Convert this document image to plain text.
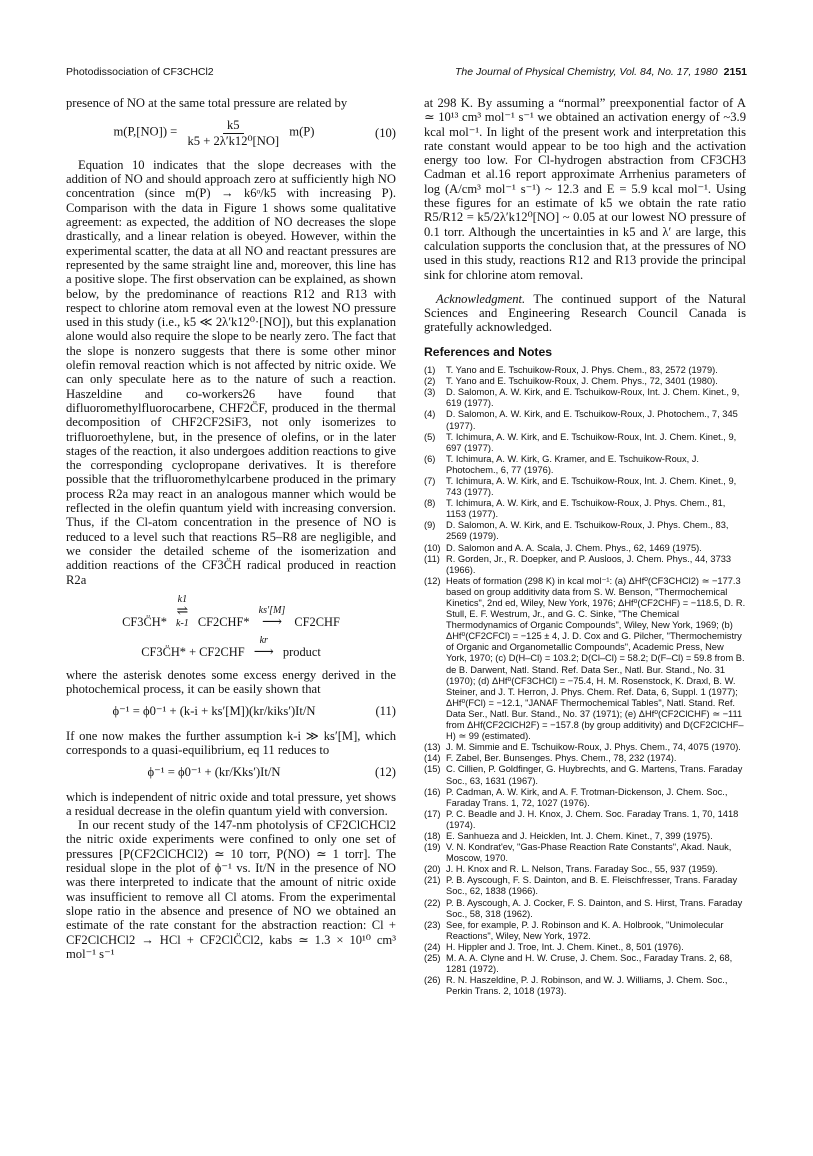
Photodissociation of CF3CHCl2	The Journal of Physical Chemistry, Vol. 84, No. 17, 1980 2151

presence of NO at the same total pressure are related by

$m(P,[NO]) = \frac{k5}{\text{k5 + 2λ′k12⁰[NO]}} m(P)$	(10)

Equation 10 indicates that the slope decreases with the addition of NO and should approach zero at sufficiently high NO concentration (since m(P) → k6ᵒ/k5 with increasing P). Comparison with the data in Figure 1 shows some qualitative agreement: as expected, the addition of NO decreases the slope drastically, and a linear relation is obeyed. However, within the experimental scatter, the data at all NO and reactant pressures are represented by the same straight line and, moreover, this line has a positive slope. The first observation can be explained, as shown below, by the predominance of reactions R12 and R13 with respect to chlorine atom removal even at the lowest NO pressure used in this study (i.e., k5 ≪ 2λ′k12⁰·[NO]), but this explanation alone would also require the slope to be nearly zero. The fact that the slope is nonzero suggests that there is some other minor olefin removal reaction which is not affected by nitric oxide. We can only speculate here as to the nature of such a reaction. Haszeldine and co-workers26 have found that difluoromethylfluorocarbene, CHF2C̈F, produced in the thermal decomposition of CHF2CF2SiF3, not only isomerizes to trifluoroethylene, but, in the presence of olefins, or in the later stages of the reaction, it also undergoes addition reactions to give the corresponding cyclopropane derivatives. It is therefore possible that the trifluoromethylcarbene produced in the primary process R2a may react in an analogous manner which would be reflected in the olefin quantum yield with increasing conversion. Thus, if the Cl-atom concentration in the presence of NO is reduced to a level such that reactions R5–R8 are negligible, and we consider the detailed scheme of the isomerization and addition reactions of the CF3C̈H radical produced in reaction R2a

CF3C̈H*
k1
⇌
k-1 CF2CHF*
ks′[M]
⟶ CF2CHF
CF3C̈H* + CF2CHF
kr
⟶ product

where the asterisk denotes some excess energy derived in the photochemical process, it can be easily shown that

ϕ⁻¹ = ϕ0⁻¹ + (k-i + ks′[M])(kr/kiks′)It/N	(11)

If one now makes the further assumption k-i ≫ ks′[M], which corresponds to a quasi-equilibrium, eq 11 reduces to

ϕ⁻¹ = ϕ0⁻¹ + (kr/Kks′)It/N	(12)

which is independent of nitric oxide and total pressure, yet shows a residual decrease in the olefin quantum yield with conversion.

In our recent study of the 147-nm photolysis of CF2ClCHCl2 the nitric oxide experiments were confined to only one set of pressures [P(CF2ClCHCl2) ≃ 10 torr, P(NO) ≃ 1 torr]. The residual slope in the plot of ϕ⁻¹ vs. It/N in the presence of NO was there interpreted to indicate that the amount of nitric oxide was insufficient to remove all Cl atoms. From the experimental slope ratio in the absence and presence of NO we obtained an estimate of the rate constant for the abstraction reaction: Cl + CF2ClCHCl2 → HCl + CF2ClC̈Cl2, kabs ≃ 1.3 × 10¹⁰ cm³ mol⁻¹ s⁻¹

at 298 K. By assuming a “normal” preexponential factor of A ≃ 10¹³ cm³ mol⁻¹ s⁻¹ we obtained an activation energy of ~3.9 kcal mol⁻¹. In light of the present work and interpretation this rate constant would appear to be too high and the activation energy too low. For Cl-hydrogen abstraction from CF3CH3 Cadman et al.16 report approximate Arrhenius parameters of log (A/cm³ mol⁻¹ s⁻¹) ~ 12.3 and E = 5.9 kcal mol⁻¹. Using these figures for an estimate of k5 we obtain the rate ratio R5/R12 = k5/2λ′k12⁰[NO] ~ 0.05 at our lowest NO pressure of 0.1 torr. Although the uncertainties in k5 and λ′ are large, this calculation supports the conclusion that, at the pressures of NO used in this study, reactions R12 and R13 provide the principal sink for chlorine atom removal.

Acknowledgment. The continued support of the Natural Sciences and Engineering Research Council Canada is gratefully acknowledged.

References and Notes
(1)	T. Yano and E. Tschuikow-Roux, J. Phys. Chem., 83, 2572 (1979).
(2)	T. Yano and E. Tschuikow-Roux, J. Chem. Phys., 72, 3401 (1980).
(3)	D. Salomon, A. W. Kirk, and E. Tschuikow-Roux, Int. J. Chem. Kinet., 9, 619 (1977).
(4)	D. Salomon, A. W. Kirk, and E. Tschuikow-Roux, J. Photochem., 7, 345 (1977).
(5)	T. Ichimura, A. W. Kirk, and E. Tschuikow-Roux, Int. J. Chem. Kinet., 9, 697 (1977).
(6)	T. Ichimura, A. W. Kirk, G. Kramer, and E. Tschuikow-Roux, J. Photochem., 6, 77 (1976).
(7)	T. Ichimura, A. W. Kirk, and E. Tschuikow-Roux, Int. J. Chem. Kinet., 9, 743 (1977).
(8)	T. Ichimura, A. W. Kirk, and E. Tschuikow-Roux, J. Phys. Chem., 81, 1153 (1977).
(9)	D. Salomon, A. W. Kirk, and E. Tschuikow-Roux, J. Phys. Chem., 83, 2569 (1979).
(10) D. Salomon and A. A. Scala, J. Chem. Phys., 62, 1469 (1975).
(11) R. Gorden, Jr., R. Doepker, and P. Ausloos, J. Chem. Phys., 44, 3733 (1966).
(12) Heats of formation (298 K) in kcal mol⁻¹: (a) ΔHf⁰(CF3CHCl2) ≃ −177.3 based on group additivity data from S. W. Benson, "Thermochemical Kinetics", 2nd ed, Wiley, New York, 1976; ΔHf⁰(CF2CHF) = −118.5, D. R. Stull, E. F. Westrum, Jr., and G. C. Sinke, "The Chemical Thermodynamics of Organic Compounds", Wiley, New York, 1969; (b) ΔHf⁰(CF2CFCl) = −125 ± 4, J. D. Cox and G. Pilcher, "Thermochemistry of Organic and Organometallic Compounds", Academic Press, New York, 1970; (c) D(H–Cl) = 103.2; D(Cl–Cl) = 58.2; D(F–Cl) = 59.8 from B. de B. Darwent, Natl. Stand. Ref. Data Ser., Natl. Bur. Stand., No. 31 (1970); (d) ΔHf⁰(CF3CHCl) = −75.4, H. M. Rosenstock, K. Draxl, B. W. Steiner, and J. T. Herron, J. Phys. Chem. Ref. Data, 6, Suppl. 1 (1977); ΔHf⁰(FCl) = −12.1, "JANAF Thermochemical Tables", Natl. Stand. Ref. Data Ser., Natl. Bur. Stand., No. 37 (1971); (e) ΔHf⁰(CF2ClCHF) ≃ −111 from ΔHf(CF2ClCH2F) = −157.8 (by group additivity) and D(CF2ClCHF–H) ≃ 99 (estimated).
(13) J. M. Simmie and E. Tschuikow-Roux, J. Phys. Chem., 74, 4075 (1970).
(14) F. Zabel, Ber. Bunsenges. Phys. Chem., 78, 232 (1974).
(15) C. Cillien, P. Goldfinger, G. Huybrechts, and G. Martens, Trans. Faraday Soc., 63, 1631 (1967).
(16) P. Cadman, A. W. Kirk, and A. F. Trotman-Dickenson, J. Chem. Soc., Faraday Trans. 1, 72, 1027 (1976).
(17) P. C. Beadle and J. H. Knox, J. Chem. Soc. Faraday Trans. 1, 70, 1418 (1974).
(18) E. Sanhueza and J. Heicklen, Int. J. Chem. Kinet., 7, 399 (1975).
(19) V. N. Kondrat'ev, "Gas-Phase Reaction Rate Constants", Akad. Nauk, Moscow, 1970.
(20) J. H. Knox and R. L. Nelson, Trans. Faraday Soc., 55, 937 (1959).
(21) P. B. Ayscough, F. S. Dainton, and B. E. Fleischfresser, Trans. Faraday Soc., 62, 1838 (1966).
(22) P. B. Ayscough, A. J. Cocker, F. S. Dainton, and S. Hirst, Trans. Faraday Soc., 58, 318 (1962).
(23) See, for example, P. J. Robinson and K. A. Holbrook, "Unimolecular Reactions", Wiley, New York, 1972.
(24) H. Hippler and J. Troe, Int. J. Chem. Kinet., 8, 501 (1976).
(25) M. A. A. Clyne and H. W. Cruse, J. Chem. Soc., Faraday Trans. 2, 68, 1281 (1972).
(26) R. N. Haszeldine, P. J. Robinson, and W. J. Williams, J. Chem. Soc., Perkin Trans. 2, 1018 (1973).
